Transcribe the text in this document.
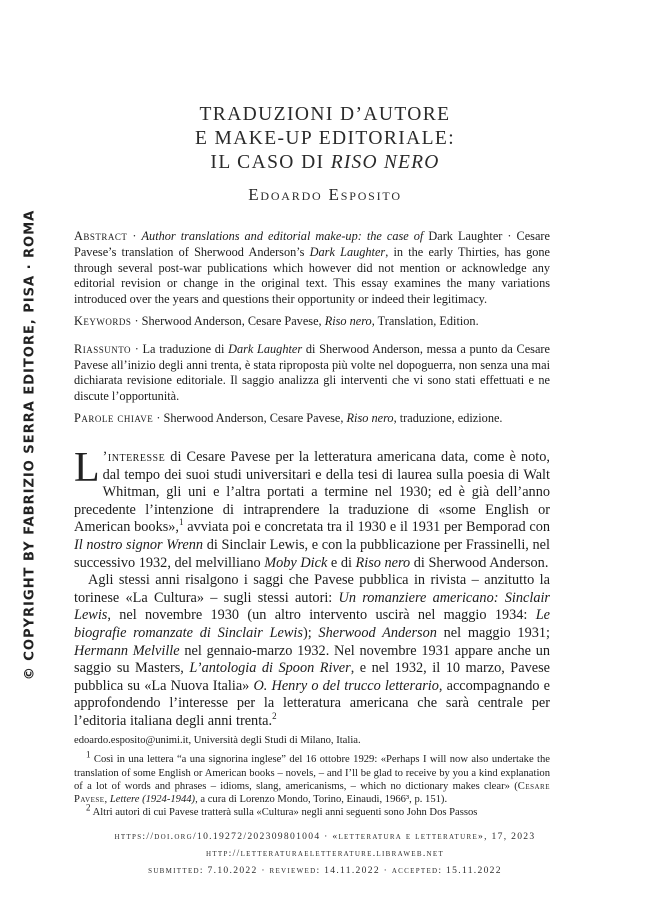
© COPYRIGHT BY FABRIZIO SERRA EDITORE, PISA · ROMA
TRADUZIONI D’AUTORE
E MAKE-UP EDITORIALE:
IL CASO DI RISO NERO
Edoardo Esposito

Abstract · Author translations and editorial make-up: the case of Dark Laughter · Cesare Pavese’s translation of Sherwood Anderson’s Dark Laughter, in the early Thirties, has gone through several post-war publications which however did not mention or acknowledge any editorial revision or change in the original text. This essay examines the many variations introduced over the years and questions their opportunity or indeed their legitimacy.

Keywords · Sherwood Anderson, Cesare Pavese, Riso nero, Translation, Edition.

Riassunto · La traduzione di Dark Laughter di Sherwood Anderson, messa a punto da Cesare Pavese all’inizio degli anni trenta, è stata riproposta più volte nel dopoguerra, non senza una mai dichiarata revisione editoriale. Il saggio analizza gli interventi che vi sono stati effettuati e ne discute l’opportunità.

Parole chiave · Sherwood Anderson, Cesare Pavese, Riso nero, traduzione, edizione.

L ’interesse di Cesare Pavese per la letteratura americana data, come è noto, dal tempo dei suoi studi universitari e della tesi di laurea sulla poesia di Walt Whitman, gli uni e l’altra portati a termine nel 1930; ed è già dell’anno precedente l’intenzione di intraprendere la traduzione di «some English or American books»,$^1$ avviata poi e concretata tra il 1930 e il 1931 per Bemporad con Il nostro signor Wrenn di Sinclair Lewis, e con la pubblicazione per Frassinelli, nel successivo 1932, del melvilliano Moby Dick e di Riso nero di Sherwood Anderson.

Agli stessi anni risalgono i saggi che Pavese pubblica in rivista – anzitutto la torinese «La Cultura» – sugli stessi autori: Un romanziere americano: Sinclair Lewis, nel novembre 1930 (un altro intervento uscirà nel maggio 1934: Le biografie romanzate di Sinclair Lewis); Sherwood Anderson nel maggio 1931; Hermann Melville nel gennaio-marzo 1932. Nel novembre 1931 appare anche un saggio su Masters, L’antologia di Spoon River, e nel 1932, il 10 marzo, Pavese pubblica su «La Nuova Italia» O. Henry o del trucco letterario, accompagnando e approfondendo l’interesse per la letteratura americana che sarà centrale per l’editoria italiana degli anni trenta.$^2$

edoardo.esposito@unimi.it, Università degli Studi di Milano, Italia.

$^1$ Così in una lettera “a una signorina inglese” del 16 ottobre 1929: «Perhaps I will now also undertake the translation of some English or American books – novels, – and I’ll be glad to receive by you a kind explanation of a lot of words and phrases – idioms, slang, americanisms, – which no dictionary makes clear» (Cesare Pavese, Lettere (1924-1944), a cura di Lorenzo Mondo, Torino, Einaudi, 1966³, p. 151).

$^2$ Altri autori di cui Pavese tratterà sulla «Cultura» negli anni seguenti sono John Dos Passos

https://doi.org/10.19272/202309801004 · «letteratura e letterature», 17, 2023
http://letteraturaeletterature.libraweb.net
submitted: 7.10.2022 · reviewed: 14.11.2022 · accepted: 15.11.2022
